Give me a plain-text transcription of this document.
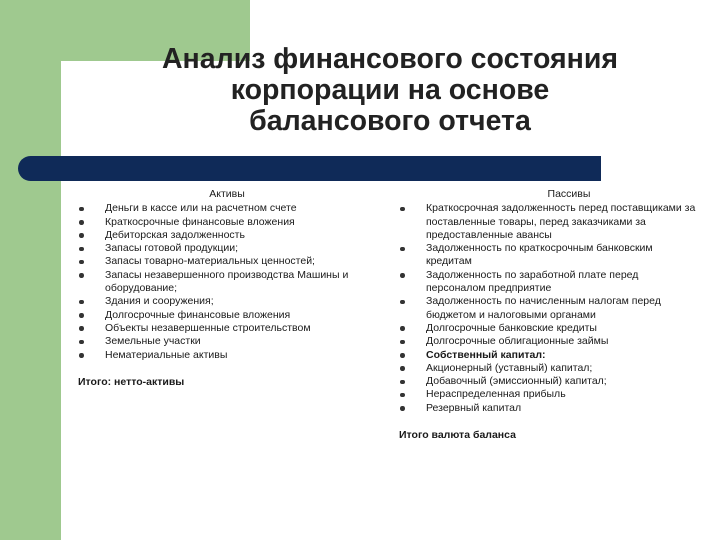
Анализ финансового состояния
корпорации на основе
балансового отчета
Активы
Деньги в кассе или на расчетном счете
Краткосрочные финансовые вложения
Дебиторская задолженность
Запасы готовой продукции;
Запасы товарно-материальных ценностей;
Запасы незавершенного производства Машины и оборудование;
Здания и сооружения;
Долгосрочные финансовые вложения
Объекты незавершенные строительством
Земельные участки
Нематериальные активы
Итого: нетто-активы
Пассивы
Краткосрочная задолженность перед поставщиками за поставленные товары, перед заказчиками за предоставленные авансы
Задолженность по краткосрочным банковским кредитам
Задолженность по заработной плате перед персоналом предприятие
Задолженность по начисленным налогам перед бюджетом и налоговыми органами
Долгосрочные банковские кредиты
Долгосрочные облигационные займы
Собственный капитал:
Акционерный (уставный) капитал;
Добавочный (эмиссионный) капитал;
Нераспределенная прибыль
Резервный капитал
Итого валюта баланса
